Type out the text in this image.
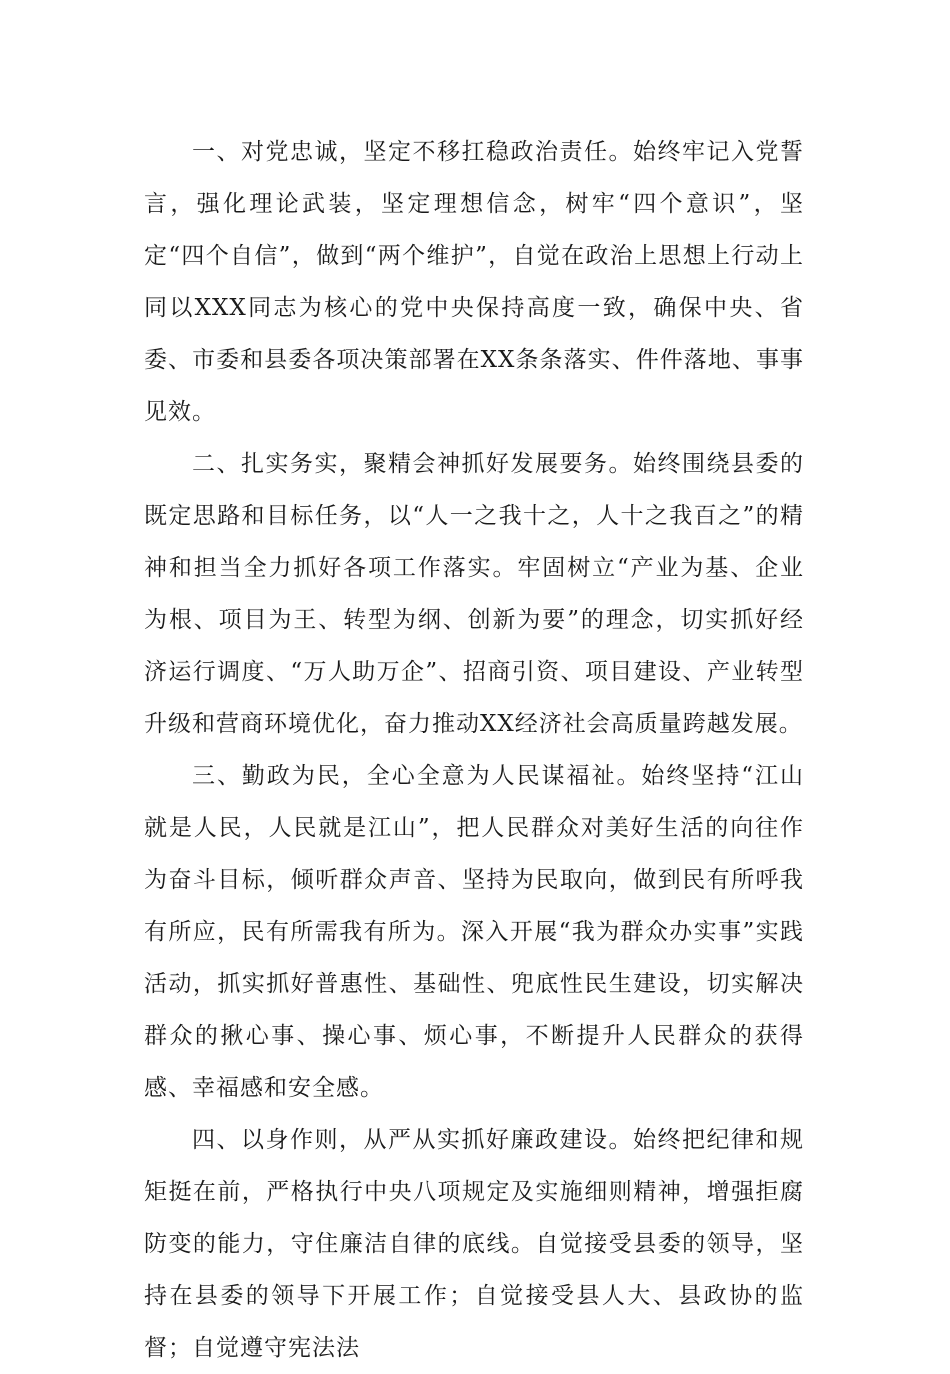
一、对党忠诚，坚定不移扛稳政治责任。始终牢记入党誓言，强化理论武装，坚定理想信念，树牢“四个意识”，坚定“四个自信”，做到“两个维护”，自觉在政治上思想上行动上同以XXX同志为核心的党中央保持高度一致，确保中央、省委、市委和县委各项决策部署在XX条条落实、件件落地、事事见效。

二、扎实务实，聚精会神抓好发展要务。始终围绕县委的既定思路和目标任务，以“人一之我十之，人十之我百之”的精神和担当全力抓好各项工作落实。牢固树立“产业为基、企业为根、项目为王、转型为纲、创新为要”的理念，切实抓好经济运行调度、“万人助万企”、招商引资、项目建设、产业转型升级和营商环境优化，奋力推动XX经济社会高质量跨越发展。

三、勤政为民，全心全意为人民谋福祉。始终坚持“江山就是人民，人民就是江山”，把人民群众对美好生活的向往作为奋斗目标，倾听群众声音、坚持为民取向，做到民有所呼我有所应，民有所需我有所为。深入开展“我为群众办实事”实践活动，抓实抓好普惠性、基础性、兜底性民生建设，切实解决群众的揪心事、操心事、烦心事，不断提升人民群众的获得感、幸福感和安全感。

四、以身作则，从严从实抓好廉政建设。始终把纪律和规矩挺在前，严格执行中央八项规定及实施细则精神，增强拒腐防变的能力，守住廉洁自律的底线。自觉接受县委的领导，坚持在县委的领导下开展工作；自觉接受县人大、县政协的监督；自觉遵守宪法法
